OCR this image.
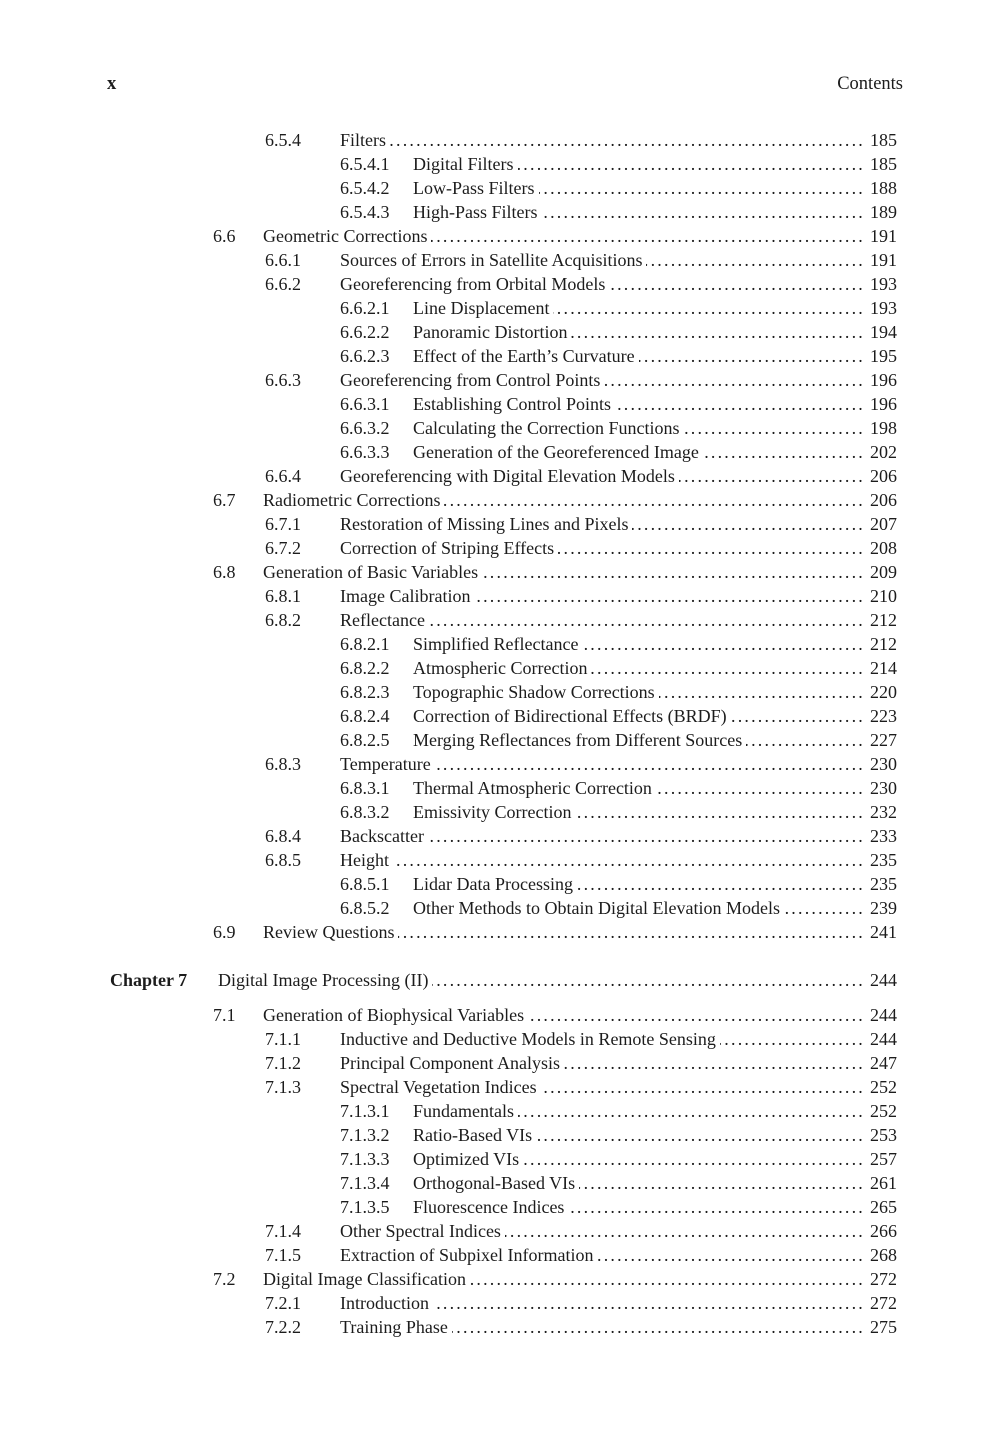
x	Contents
6.5.4	Filters .....	185
6.5.4.1	Digital Filters .....	185
6.5.4.2	Low-Pass Filters .....	188
6.5.4.3	High-Pass Filters .....	189
6.6	Geometric Corrections .....	191
6.6.1	Sources of Errors in Satellite Acquisitions .....	191
6.6.2	Georeferencing from Orbital Models .....	193
6.6.2.1	Line Displacement .....	193
6.6.2.2	Panoramic Distortion .....	194
6.6.2.3	Effect of the Earth’s Curvature .....	195
6.6.3	Georeferencing from Control Points .....	196
6.6.3.1	Establishing Control Points .....	196
6.6.3.2	Calculating the Correction Functions .....	198
6.6.3.3	Generation of the Georeferenced Image .....	202
6.6.4	Georeferencing with Digital Elevation Models .....	206
6.7	Radiometric Corrections .....	206
6.7.1	Restoration of Missing Lines and Pixels .....	207
6.7.2	Correction of Striping Effects .....	208
6.8	Generation of Basic Variables .....	209
6.8.1	Image Calibration .....	210
6.8.2	Reflectance .....	212
6.8.2.1	Simplified Reflectance .....	212
6.8.2.2	Atmospheric Correction .....	214
6.8.2.3	Topographic Shadow Corrections .....	220
6.8.2.4	Correction of Bidirectional Effects (BRDF) .....	223
6.8.2.5	Merging Reflectances from Different Sources .....	227
6.8.3	Temperature .....	230
6.8.3.1	Thermal Atmospheric Correction .....	230
6.8.3.2	Emissivity Correction .....	232
6.8.4	Backscatter .....	233
6.8.5	Height .....	235
6.8.5.1	Lidar Data Processing .....	235
6.8.5.2	Other Methods to Obtain Digital Elevation Models .....	239
6.9	Review Questions .....	241
Chapter 7	Digital Image Processing (II) .....	244
7.1	Generation of Biophysical Variables .....	244
7.1.1	Inductive and Deductive Models in Remote Sensing .....	244
7.1.2	Principal Component Analysis .....	247
7.1.3	Spectral Vegetation Indices .....	252
7.1.3.1	Fundamentals .....	252
7.1.3.2	Ratio-Based VIs .....	253
7.1.3.3	Optimized VIs .....	257
7.1.3.4	Orthogonal-Based VIs .....	261
7.1.3.5	Fluorescence Indices .....	265
7.1.4	Other Spectral Indices .....	266
7.1.5	Extraction of Subpixel Information .....	268
7.2	Digital Image Classification .....	272
7.2.1	Introduction .....	272
7.2.2	Training Phase .....	275
